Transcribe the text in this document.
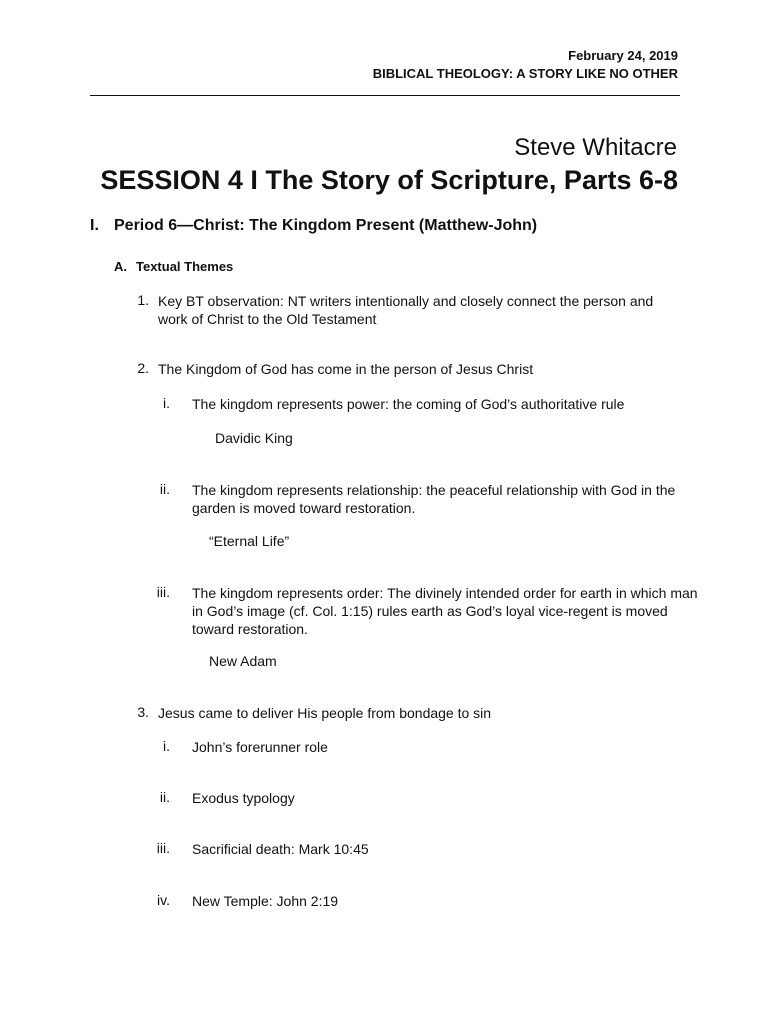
February 24, 2019
BIBLICAL THEOLOGY: A STORY LIKE NO OTHER
Steve Whitacre
SESSION 4 I The Story of Scripture, Parts 6-8
I. Period 6—Christ: The Kingdom Present (Matthew-John)
A. Textual Themes
1. Key BT observation: NT writers intentionally and closely connect the person and work of Christ to the Old Testament
2. The Kingdom of God has come in the person of Jesus Christ
i. The kingdom represents power: the coming of God’s authoritative rule
Davidic King
ii. The kingdom represents relationship: the peaceful relationship with God in the garden is moved toward restoration.
“Eternal Life”
iii. The kingdom represents order: The divinely intended order for earth in which man in God’s image (cf. Col. 1:15) rules earth as God’s loyal vice-regent is moved toward restoration.
New Adam
3. Jesus came to deliver His people from bondage to sin
i. John’s forerunner role
ii. Exodus typology
iii. Sacrificial death: Mark 10:45
iv. New Temple: John 2:19
